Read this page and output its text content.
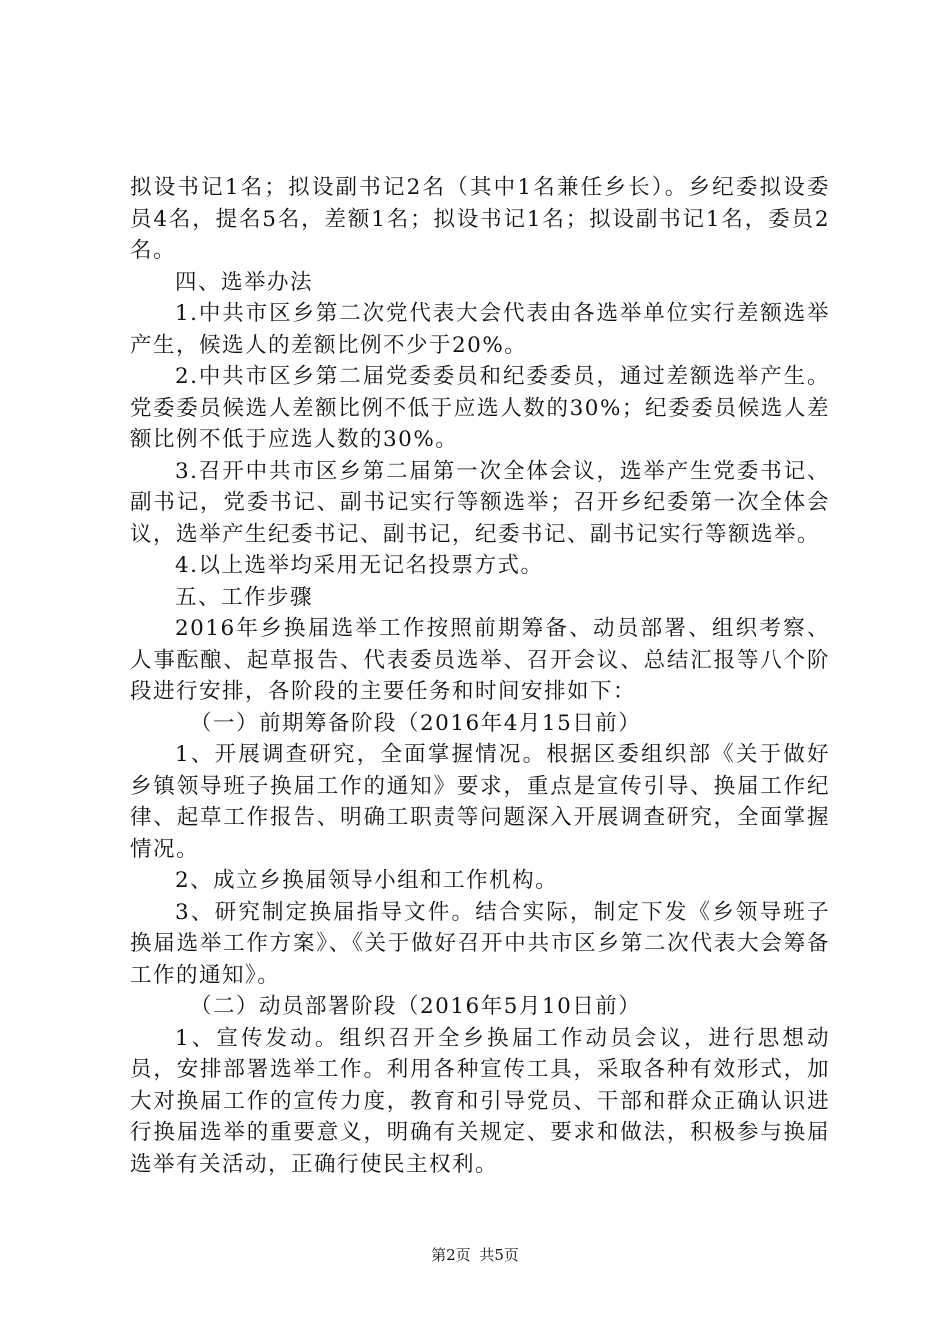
拟设书记1名；拟设副书记2名（其中1名兼任乡长）。乡纪委拟设委员4名，提名5名，差额1名；拟设书记1名；拟设副书记1名，委员2名。

四、选举办法

1.中共市区乡第二次党代表大会代表由各选举单位实行差额选举产生，候选人的差额比例不少于20%。

2.中共市区乡第二届党委委员和纪委委员，通过差额选举产生。党委委员候选人差额比例不低于应选人数的30%；纪委委员候选人差额比例不低于应选人数的30%。

3.召开中共市区乡第二届第一次全体会议，选举产生党委书记、副书记，党委书记、副书记实行等额选举；召开乡纪委第一次全体会议，选举产生纪委书记、副书记，纪委书记、副书记实行等额选举。

4.以上选举均采用无记名投票方式。

五、工作步骤

2016年乡换届选举工作按照前期筹备、动员部署、组织考察、人事酝酿、起草报告、代表委员选举、召开会议、总结汇报等八个阶段进行安排，各阶段的主要任务和时间安排如下：

（一）前期筹备阶段（2016年4月15日前）

1、开展调查研究，全面掌握情况。根据区委组织部《关于做好乡镇领导班子换届工作的通知》要求，重点是宣传引导、换届工作纪律、起草工作报告、明确工职责等问题深入开展调查研究，全面掌握情况。

2、成立乡换届领导小组和工作机构。

3、研究制定换届指导文件。结合实际，制定下发《乡领导班子换届选举工作方案》、《关于做好召开中共市区乡第二次代表大会筹备工作的通知》。

（二）动员部署阶段（2016年5月10日前）

1、宣传发动。组织召开全乡换届工作动员会议，进行思想动员，安排部署选举工作。利用各种宣传工具，采取各种有效形式，加大对换届工作的宣传力度，教育和引导党员、干部和群众正确认识进行换届选举的重要意义，明确有关规定、要求和做法，积极参与换届选举有关活动，正确行使民主权利。

第2页 共5页
